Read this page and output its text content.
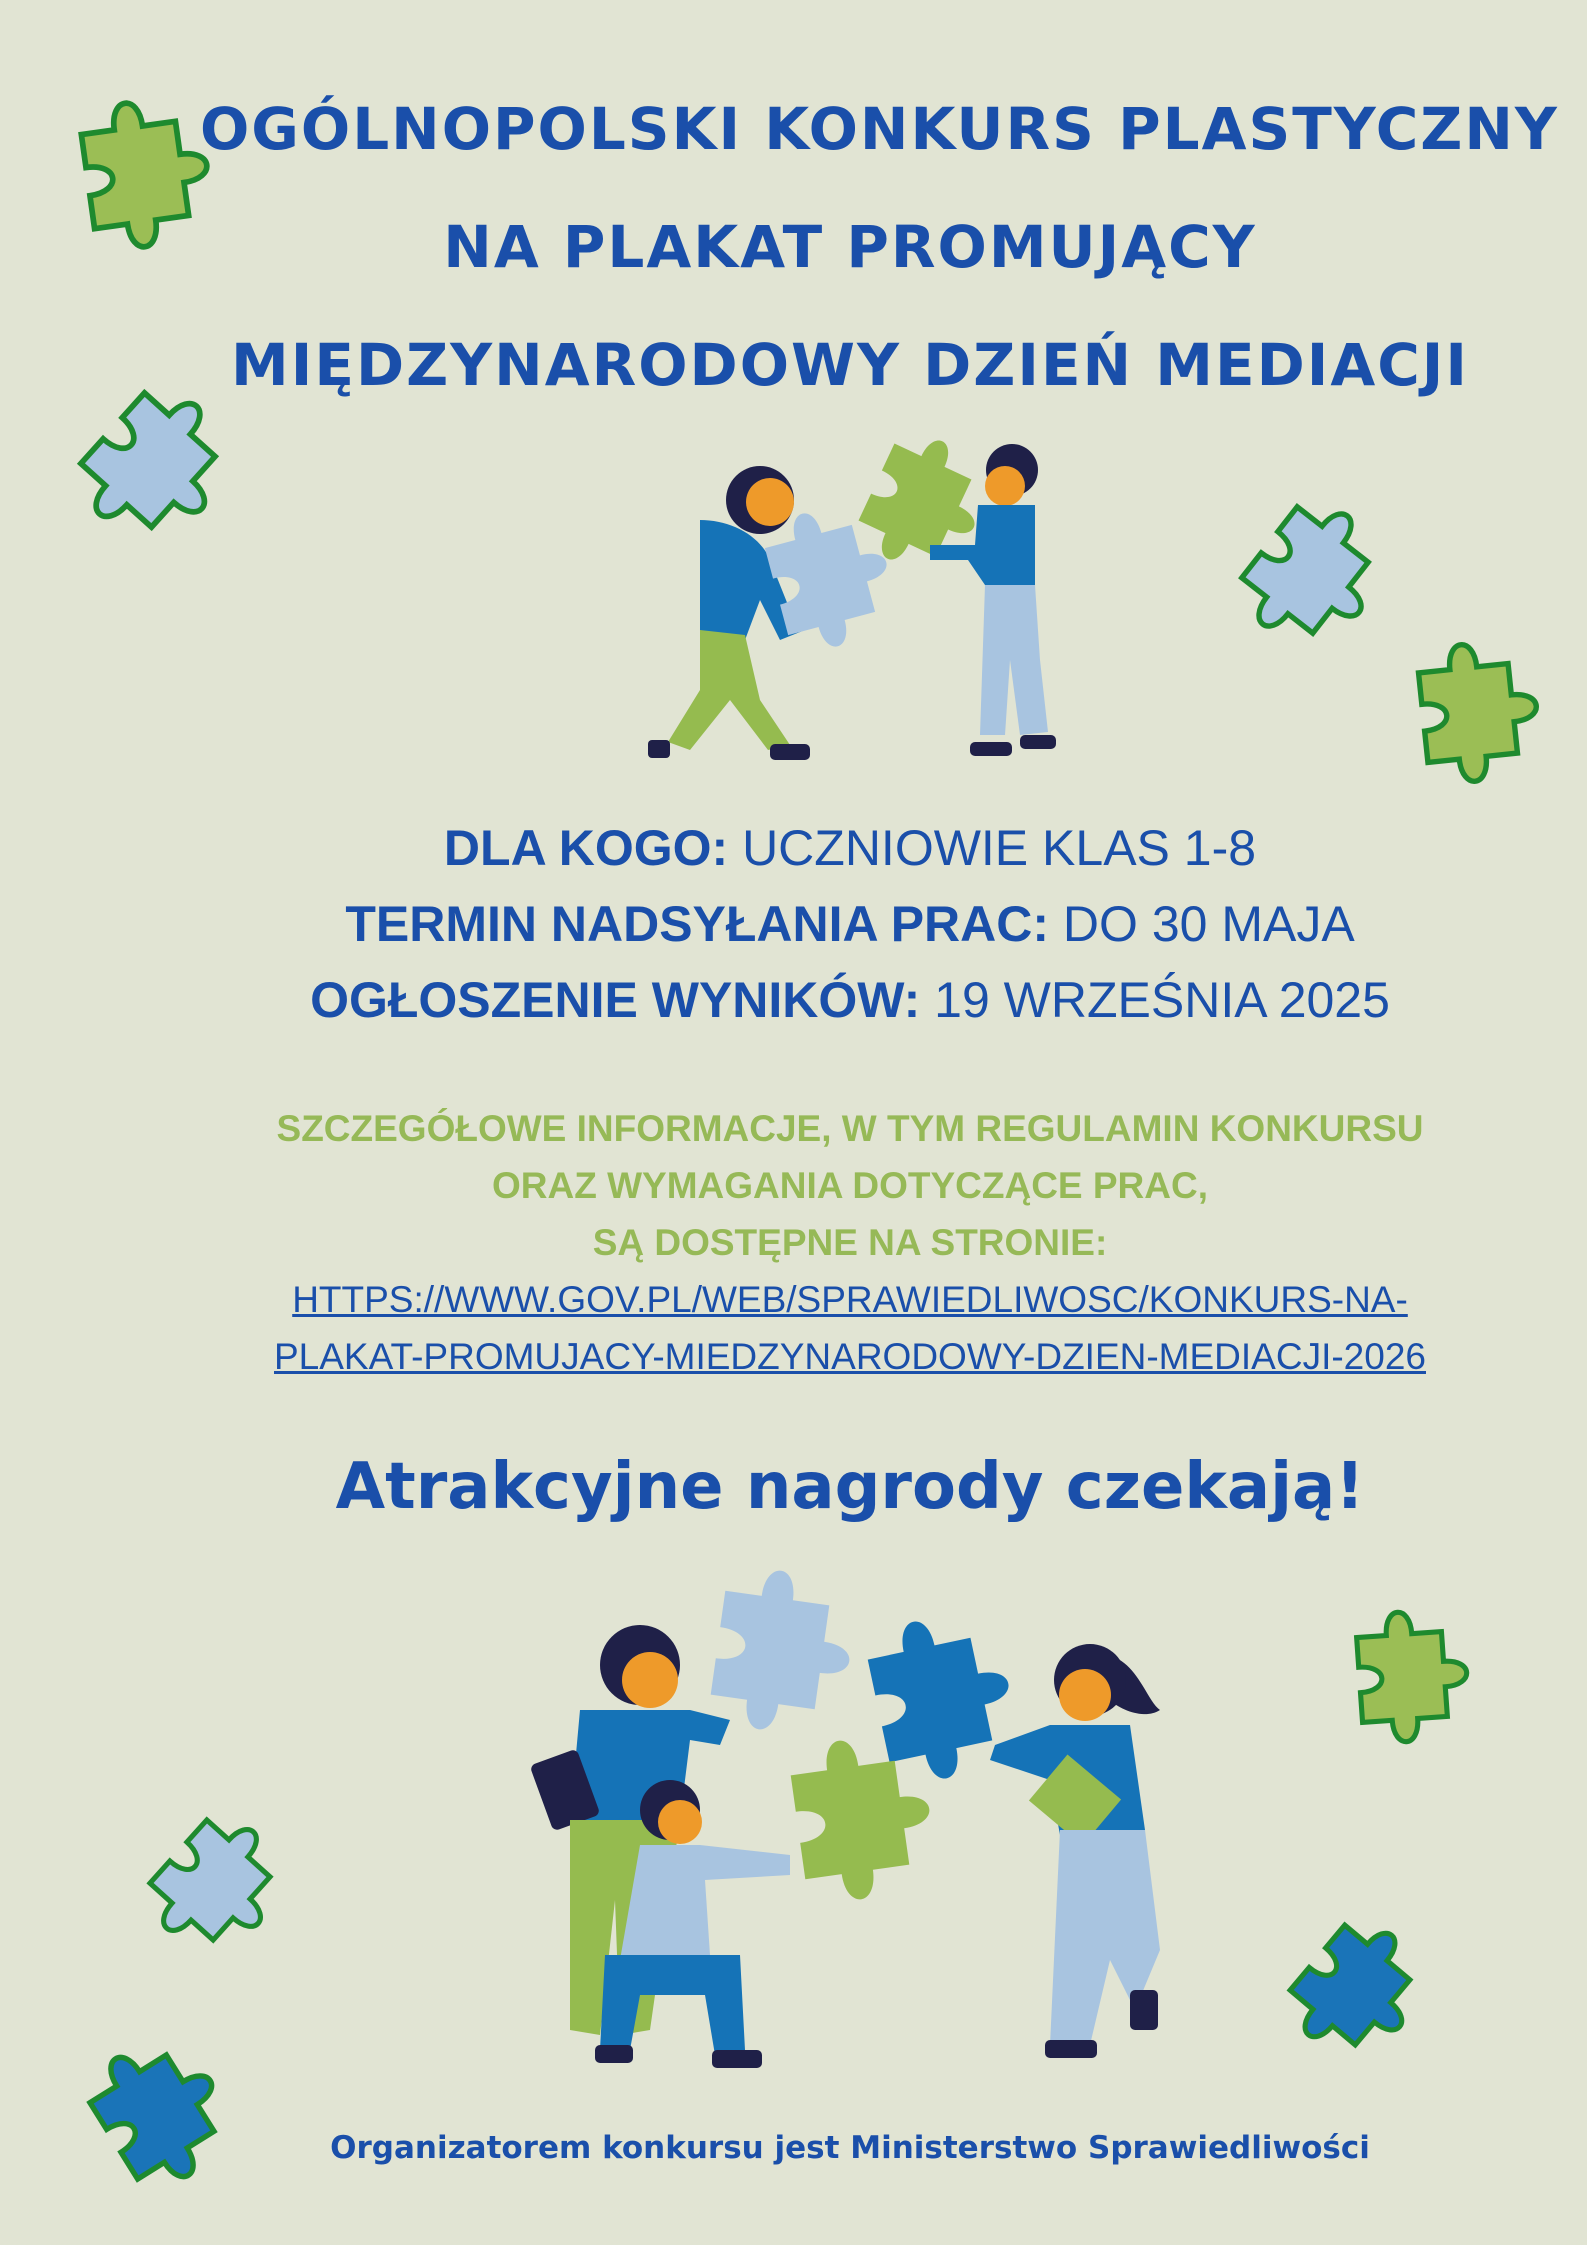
OGÓLNOPOLSKI KONKURS PLASTYCZNY
NA PLAKAT PROMUJĄCY
MIĘDZYNARODOWY DZIEŃ MEDIACJI
DLA KOGO: UCZNIOWIE KLAS 1-8
TERMIN NADSYŁANIA PRAC: DO 30 MAJA
OGŁOSZENIE WYNIKÓW: 19 WRZEŚNIA 2025
SZCZEGÓŁOWE INFORMACJE, W TYM REGULAMIN KONKURSU
ORAZ WYMAGANIA DOTYCZĄCE PRAC,
SĄ DOSTĘPNE NA STRONIE:
HTTPS://WWW.GOV.PL/WEB/SPRAWIEDLIWOSC/KONKURS-NA-
PLAKAT-PROMUJACY-MIEDZYNARODOWY-DZIEN-MEDIACJI-2026
Atrakcyjne nagrody czekają!
Organizatorem konkursu jest Ministerstwo Sprawiedliwości
